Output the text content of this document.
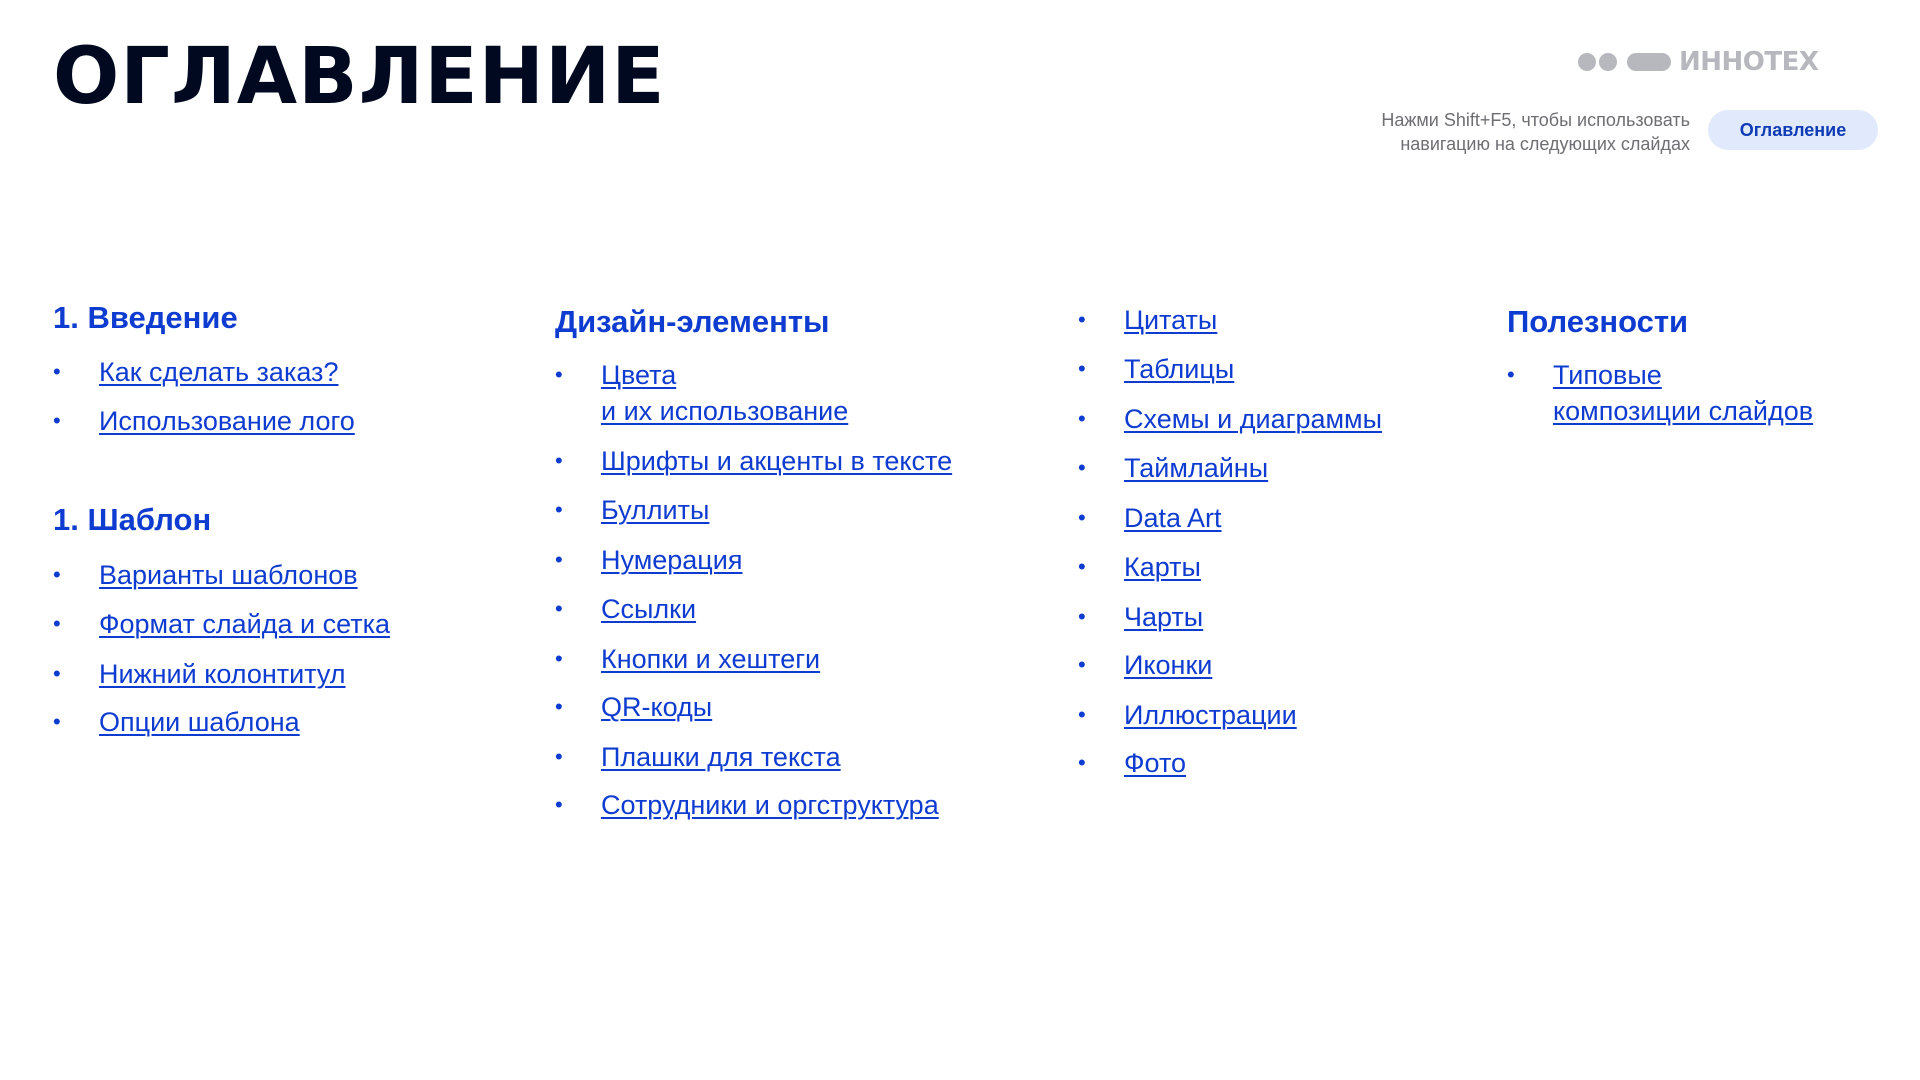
ОГЛАВЛЕНИЕ	ИННОТЕХ
Нажми Shift+F5, чтобы использовать
навигацию на следующих слайдах
Оглавление
1. Введение
• Как сделать заказ?
• Использование лого
1. Шаблон
• Варианты шаблонов
• Формат слайда и сетка
• Нижний колонтитул
• Опции шаблона
Дизайн-элементы
• Цвета
и их использование
• Шрифты и акценты в тексте
• Буллиты
• Нумерация
• Ссылки
• Кнопки и хештеги
• QR-коды
• Плашки для текста
• Сотрудники и оргструктура
• Цитаты
• Таблицы
• Схемы и диаграммы
• Таймлайны
• Data Art
• Карты
• Чарты
• Иконки
• Иллюстрации
• Фото
Полезности
• Типовые
композиции слайдов
